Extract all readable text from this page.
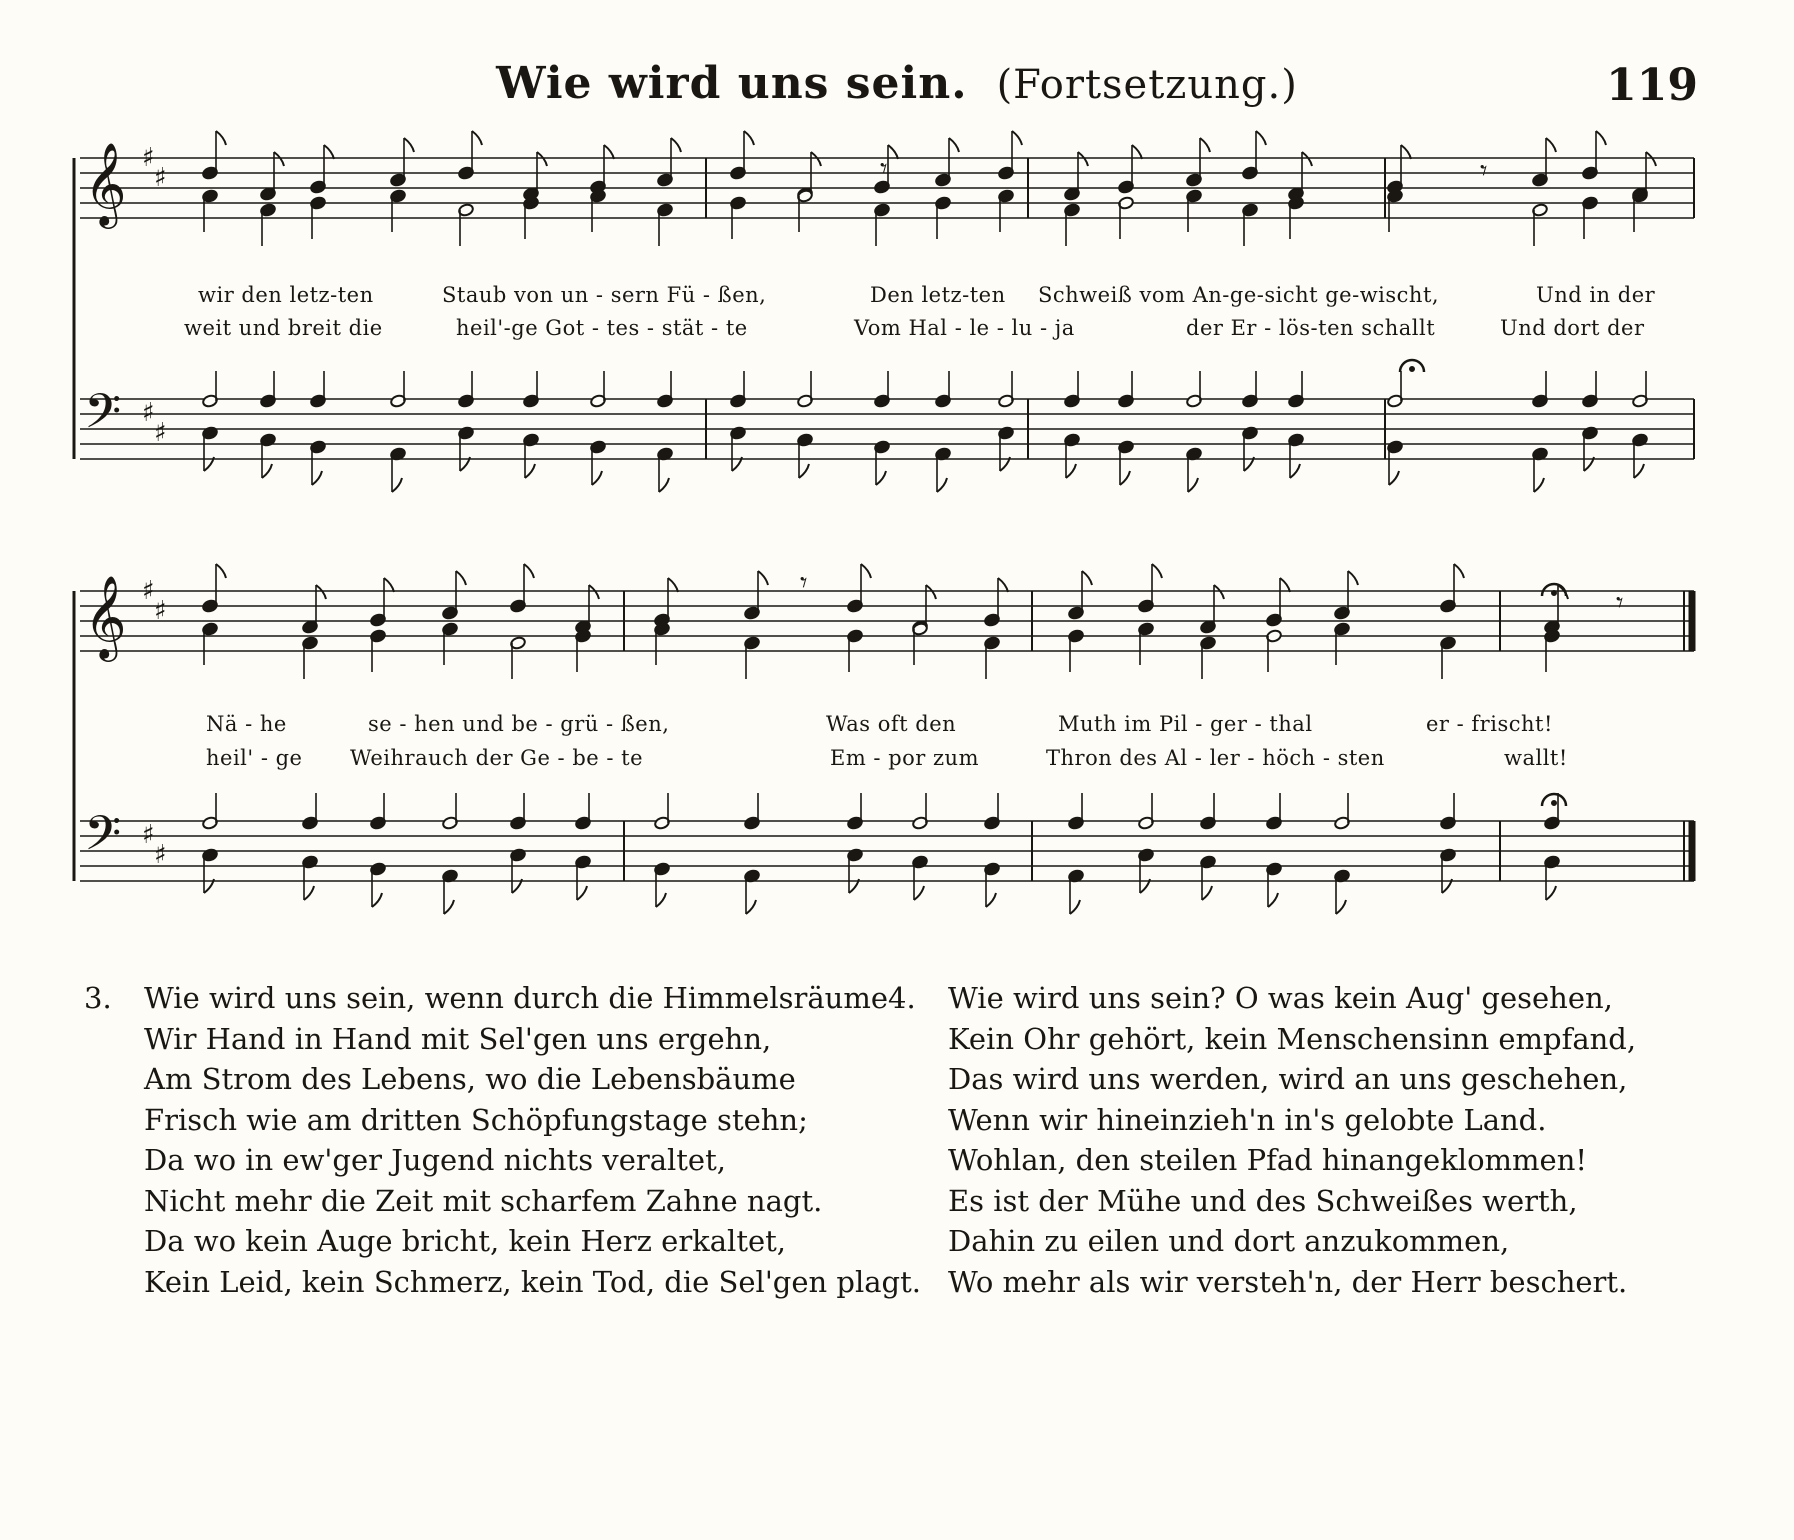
Wie wird uns sein. (Fortsetzung.)	119
𝄞
𝄢
♯
♯
♯
♯
𝄞
𝄢
♯
♯
♯
♯
𝄾	𝄾
𝄾
𝄾
wir den letz-ten	Staub von un - sern Fü - ßen,	Den letz-ten Schweiß vom An-ge-sicht ge-wischt,	Und in der
weit und breit die	heil'-ge Got - tes - stät - te	Vom Hal - le - lu - ja	der Er - lös-ten schallt	Und dort der
Nä - he	se - hen und be - grü - ßen,	Was oft den	Muth im Pil - ger - thal	er - frischt!
heil' - ge Weihrauch der Ge - be - te	Em - por zum	Thron des Al - ler - höch - sten	wallt!
3. Wie wird uns sein, wenn durch die Himmelsräume
Wir Hand in Hand mit Sel'gen uns ergehn,
Am Strom des Lebens, wo die Lebensbäume
Frisch wie am dritten Schöpfungstage stehn;
Da wo in ew'ger Jugend nichts veraltet,
Nicht mehr die Zeit mit scharfem Zahne nagt.
Da wo kein Auge bricht, kein Herz erkaltet,
Kein Leid, kein Schmerz, kein Tod, die Sel'gen plagt.
4. Wie wird uns sein? O was kein Aug' gesehen,
Kein Ohr gehört, kein Menschensinn empfand,
Das wird uns werden, wird an uns geschehen,
Wenn wir hineinzieh'n in's gelobte Land.
Wohlan, den steilen Pfad hinangeklommen!
Es ist der Mühe und des Schweißes werth,
Dahin zu eilen und dort anzukommen,
Wo mehr als wir versteh'n, der Herr beschert.
